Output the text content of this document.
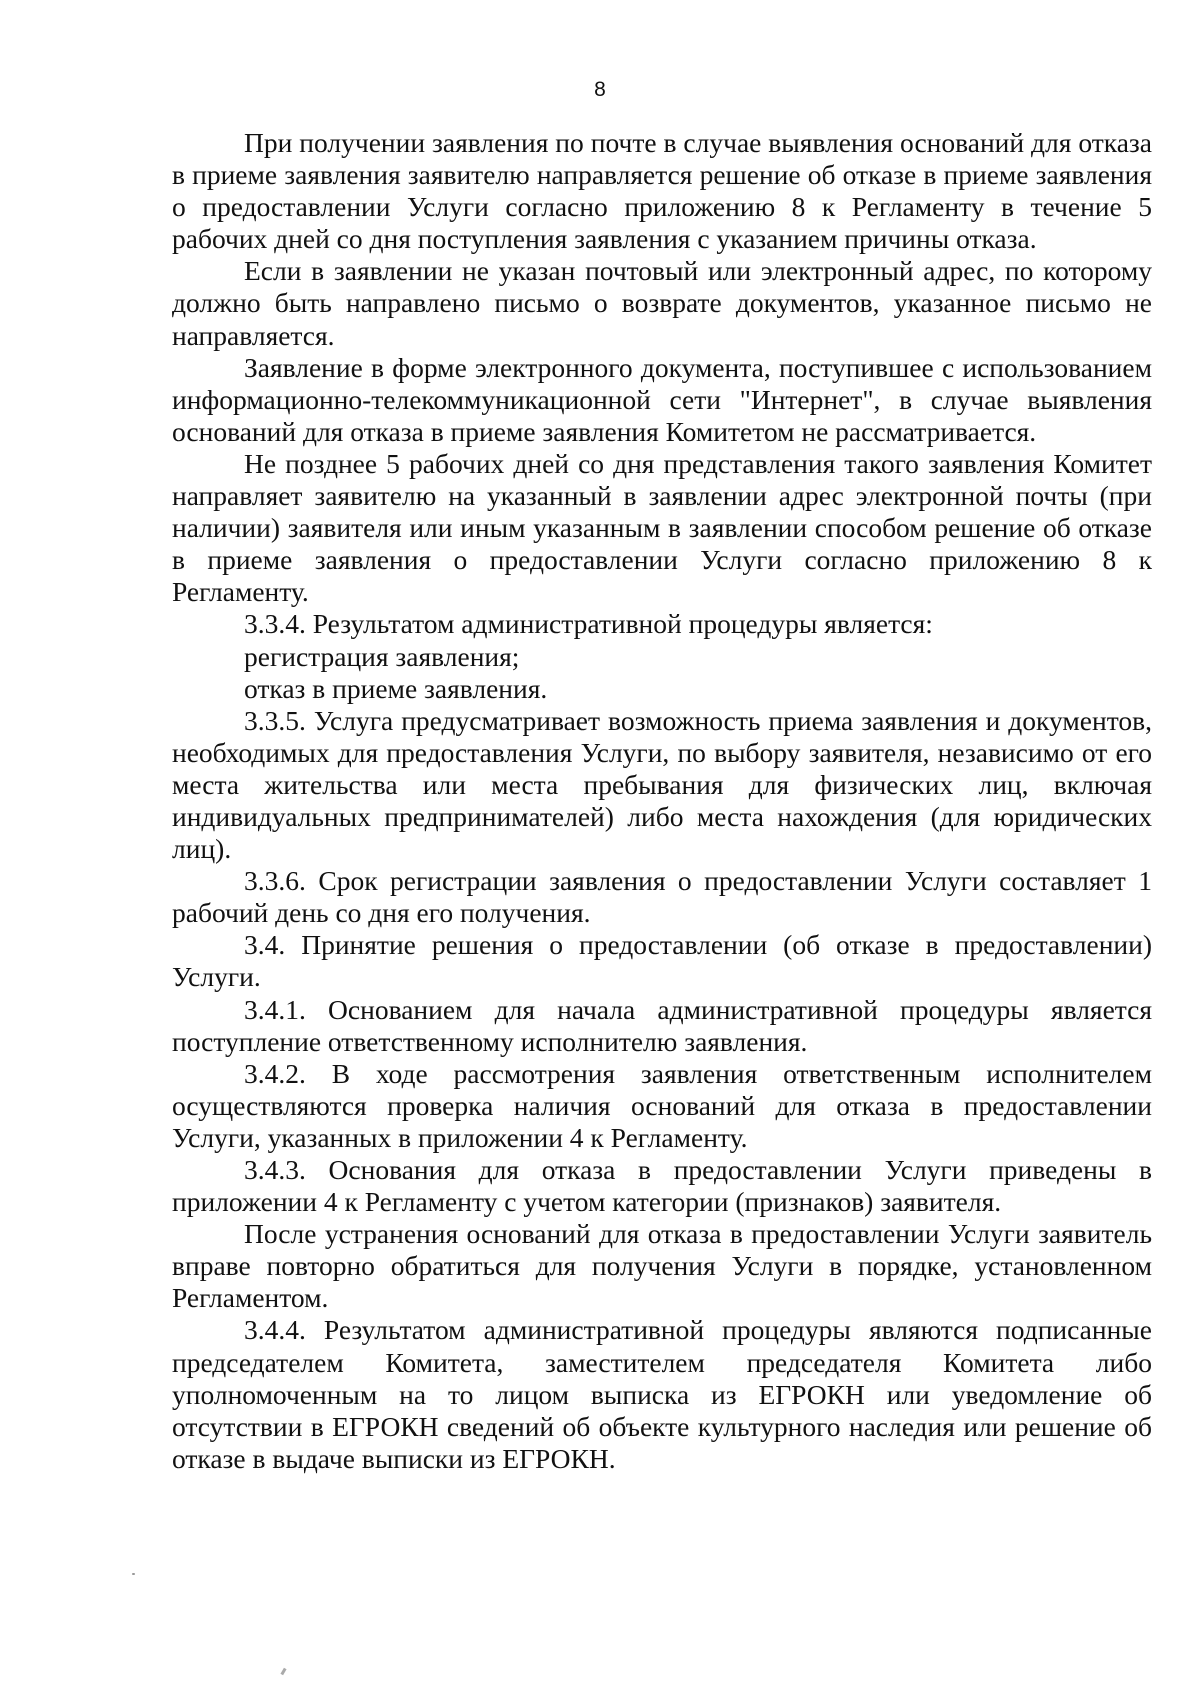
8

При получении заявления по почте в случае выявления оснований для отказа в приеме заявления заявителю направляется решение об отказе в приеме заявления о предоставлении Услуги согласно приложению 8 к Регламенту в течение 5 рабочих дней со дня поступления заявления с указанием причины отказа.

Если в заявлении не указан почтовый или электронный адрес, по которому должно быть направлено письмо о возврате документов, указанное письмо не направляется.

Заявление в форме электронного документа, поступившее с использованием информационно-телекоммуникационной сети "Интернет", в случае выявления оснований для отказа в приеме заявления Комитетом не рассматривается.

Не позднее 5 рабочих дней со дня представления такого заявления Комитет направляет заявителю на указанный в заявлении адрес электронной почты (при наличии) заявителя или иным указанным в заявлении способом решение об отказе в приеме заявления о предоставлении Услуги согласно приложению 8 к Регламенту.

3.3.4. Результатом административной процедуры является:

регистрация заявления;

отказ в приеме заявления.

3.3.5. Услуга предусматривает возможность приема заявления и документов, необходимых для предоставления Услуги, по выбору заявителя, независимо от его места жительства или места пребывания для физических лиц, включая индивидуальных предпринимателей) либо места нахождения (для юридических лиц).

3.3.6. Срок регистрации заявления о предоставлении Услуги составляет 1 рабочий день со дня его получения.

3.4. Принятие решения о предоставлении (об отказе в предоставлении) Услуги.

3.4.1. Основанием для начала административной процедуры является поступление ответственному исполнителю заявления.

3.4.2. В ходе рассмотрения заявления ответственным исполнителем осуществляются проверка наличия оснований для отказа в предоставлении Услуги, указанных в приложении 4 к Регламенту.

3.4.3. Основания для отказа в предоставлении Услуги приведены в приложении 4 к Регламенту с учетом категории (признаков) заявителя.

После устранения оснований для отказа в предоставлении Услуги заявитель вправе повторно обратиться для получения Услуги в порядке, установленном Регламентом.

3.4.4. Результатом административной процедуры являются подписанные председателем Комитета, заместителем председателя Комитета либо уполномоченным на то лицом выписка из ЕГРОКН или уведомление об отсутствии в ЕГРОКН сведений об объекте культурного наследия или решение об отказе в выдаче выписки из ЕГРОКН.
